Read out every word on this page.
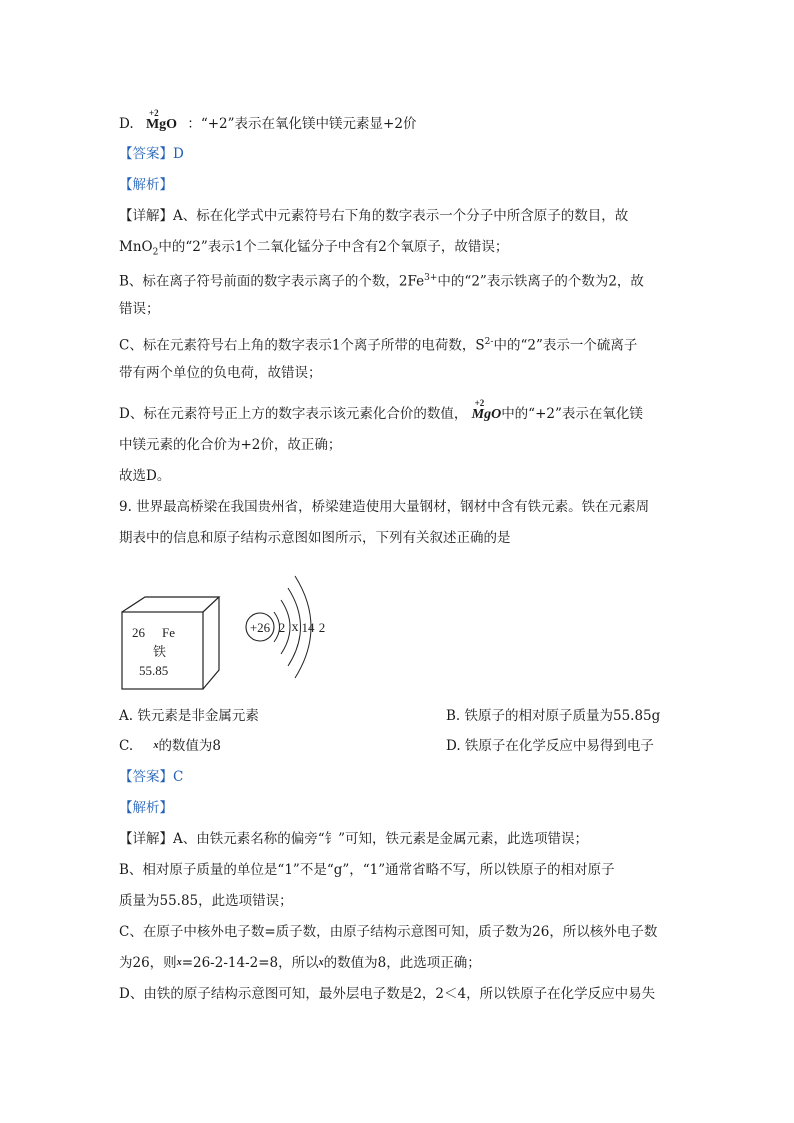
D.
+2
MgO ：“+2”表示在氧化镁中镁元素显+2价
【答案】D
【解析】
【详解】A、标在化学式中元素符号右下角的数字表示一个分子中所含原子的数目，故
MnO$_2$中的“2”表示1个二氧化锰分子中含有2个氧原子，故错误；
B、标在离子符号前面的数字表示离子的个数，$2Fe^{3+}$中的“2”表示铁离子的个数为2，故
错误；
C、标在元素符号右上角的数字表示1个离子所带的电荷数，$S^{2-}$中的“2”表示一个硫离子
带有两个单位的负电荷，故错误；
D、标在元素符号正上方的数字表示该元素化合价的数值，
+2
MgO中的“+2”表示在氧化镁
中镁元素的化合价为+2价，故正确；
故选D。
9. 世界最高桥梁在我国贵州省，桥梁建造使用大量钢材，钢材中含有铁元素。铁在元素周
期表中的信息和原子结构示意图如图所示，下列有关叙述正确的是
26 Fe
铁
55.85
+26 2 x 14 2
A. 铁元素是非金属元素	B. 铁原子的相对原子质量为55.85g
C. x的数值为8	D. 铁原子在化学反应中易得到电子
【答案】C
【解析】
【详解】A、由铁元素名称的偏旁“钅”可知，铁元素是金属元素，此选项错误；
B、相对原子质量的单位是“1”不是“g”，“1”通常省略不写，所以铁原子的相对原子
质量为55.85，此选项错误；
C、在原子中核外电子数=质子数，由原子结构示意图可知，质子数为26，所以核外电子数
为26，则x=26-2-14-2=8，所以x的数值为8，此选项正确；
D、由铁的原子结构示意图可知，最外层电子数是2，2＜4，所以铁原子在化学反应中易失
